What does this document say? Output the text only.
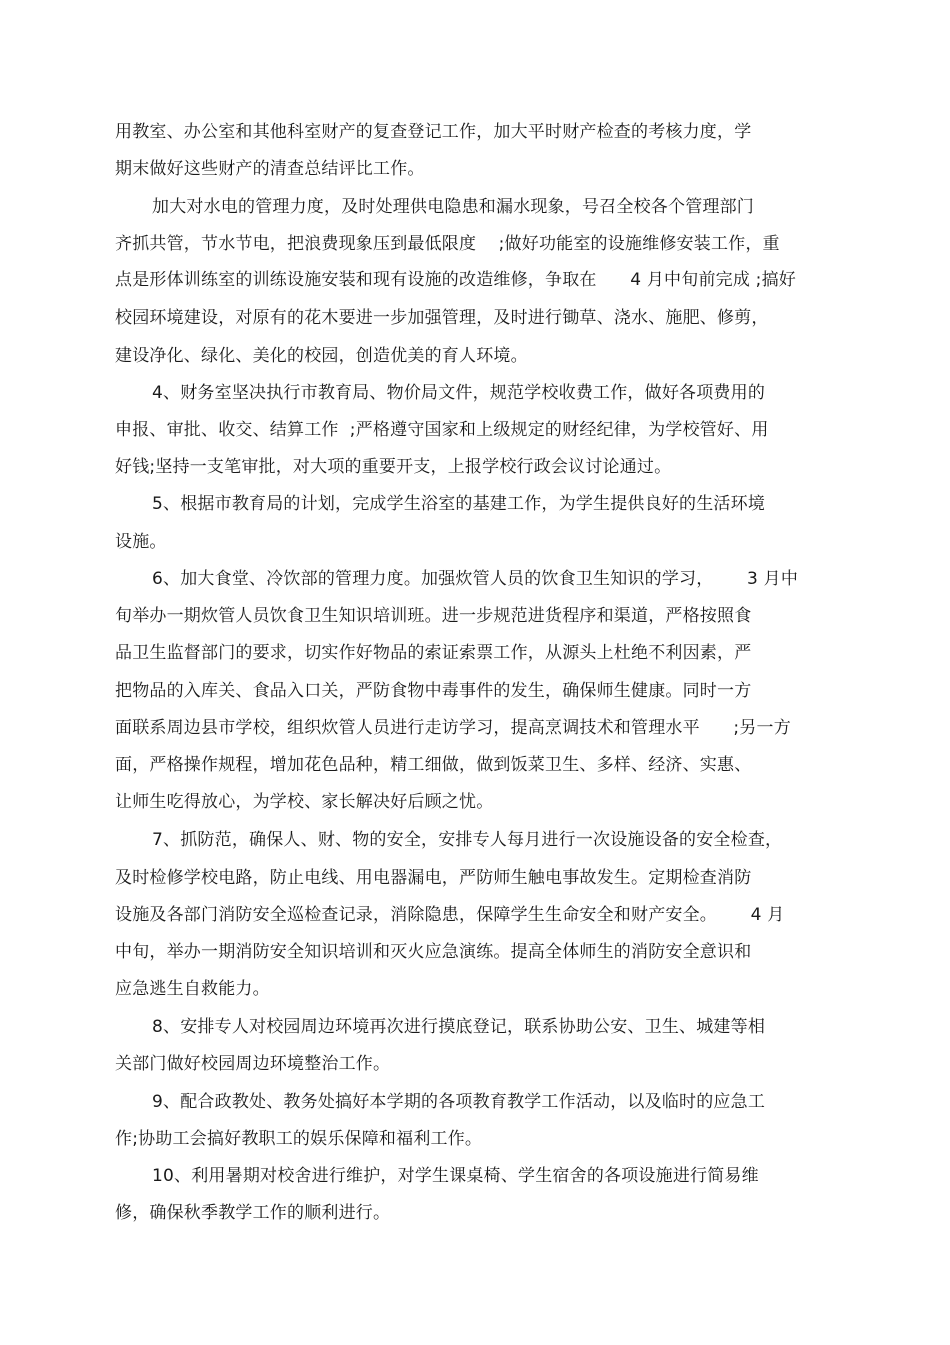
用教室、办公室和其他科室财产的复查登记工作，加大平时财产检查的考核力度，学

期末做好这些财产的清查总结评比工作。

加大对水电的管理力度，及时处理供电隐患和漏水现象，号召全校各个管理部门

齐抓共管，节水节电，把浪费现象压到最低限度    ;做好功能室的设施维修安装工作，重

点是形体训练室的训练设施安装和现有设施的改造维修，争取在      4 月中旬前完成 ;搞好

校园环境建设，对原有的花木要进一步加强管理，及时进行锄草、浇水、施肥、修剪，

建设净化、绿化、美化的校园，创造优美的育人环境。

4、财务室坚决执行市教育局、物价局文件，规范学校收费工作，做好各项费用的

申报、审批、收交、结算工作  ;严格遵守国家和上级规定的财经纪律，为学校管好、用

好钱;坚持一支笔审批，对大项的重要开支，上报学校行政会议讨论通过。

5、根据市教育局的计划，完成学生浴室的基建工作，为学生提供良好的生活环境

设施。

6、加大食堂、冷饮部的管理力度。加强炊管人员的饮食卫生知识的学习，      3 月中

旬举办一期炊管人员饮食卫生知识培训班。进一步规范进货程序和渠道，严格按照食

品卫生监督部门的要求，切实作好物品的索证索票工作，从源头上杜绝不利因素，严

把物品的入库关、食品入口关，严防食物中毒事件的发生，确保师生健康。同时一方

面联系周边县市学校，组织炊管人员进行走访学习，提高烹调技术和管理水平      ;另一方

面，严格操作规程，增加花色品种，精工细做，做到饭菜卫生、多样、经济、实惠、

让师生吃得放心，为学校、家长解决好后顾之忧。

7、抓防范，确保人、财、物的安全，安排专人每月进行一次设施设备的安全检查，

及时检修学校电路，防止电线、用电器漏电，严防师生触电事故发生。定期检查消防

设施及各部门消防安全巡检查记录，消除隐患，保障学生生命安全和财产安全。      4 月

中旬，举办一期消防安全知识培训和灭火应急演练。提高全体师生的消防安全意识和

应急逃生自救能力。

8、安排专人对校园周边环境再次进行摸底登记，联系协助公安、卫生、城建等相

关部门做好校园周边环境整治工作。

9、配合政教处、教务处搞好本学期的各项教育教学工作活动，以及临时的应急工

作;协助工会搞好教职工的娱乐保障和福利工作。

10、利用暑期对校舍进行维护，对学生课桌椅、学生宿舍的各项设施进行简易维

修，确保秋季教学工作的顺利进行。
